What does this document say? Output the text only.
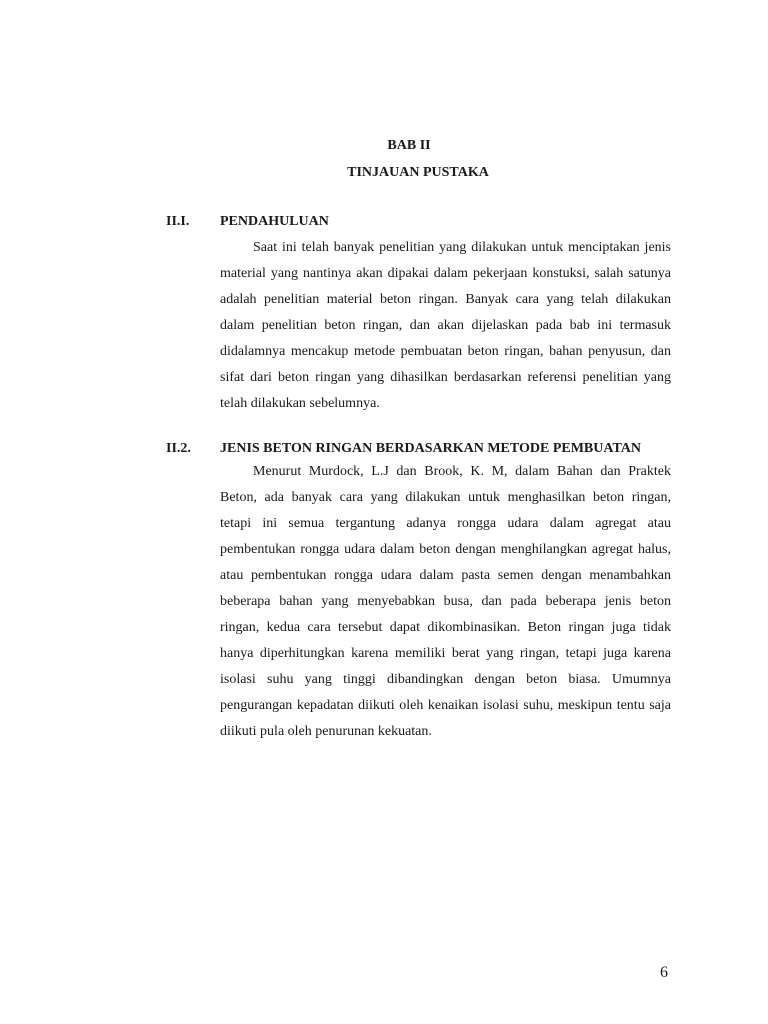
BAB II
TINJAUAN PUSTAKA
II.I. PENDAHULUAN
Saat ini telah banyak penelitian yang dilakukan untuk menciptakan jenis
material yang nantinya akan dipakai dalam pekerjaan konstuksi, salah satunya
adalah penelitian material beton ringan. Banyak cara yang telah dilakukan
dalam penelitian beton ringan, dan akan dijelaskan pada bab ini termasuk
didalamnya mencakup metode pembuatan beton ringan, bahan penyusun, dan
sifat dari beton ringan yang dihasilkan berdasarkan referensi penelitian yang
telah dilakukan sebelumnya.
II.2. JENIS BETON RINGAN BERDASARKAN METODE PEMBUATAN
Menurut Murdock, L.J dan Brook, K. M, dalam Bahan dan Praktek
Beton, ada banyak cara yang dilakukan untuk menghasilkan beton ringan,
tetapi ini semua tergantung adanya rongga udara dalam agregat atau
pembentukan rongga udara dalam beton dengan menghilangkan agregat halus,
atau pembentukan rongga udara dalam pasta semen dengan menambahkan
beberapa bahan yang menyebabkan busa, dan pada beberapa jenis beton
ringan, kedua cara tersebut dapat dikombinasikan. Beton ringan juga tidak
hanya diperhitungkan karena memiliki berat yang ringan, tetapi juga karena
isolasi suhu yang tinggi dibandingkan dengan beton biasa. Umumnya
pengurangan kepadatan diikuti oleh kenaikan isolasi suhu, meskipun tentu saja
diikuti pula oleh penurunan kekuatan.
6
